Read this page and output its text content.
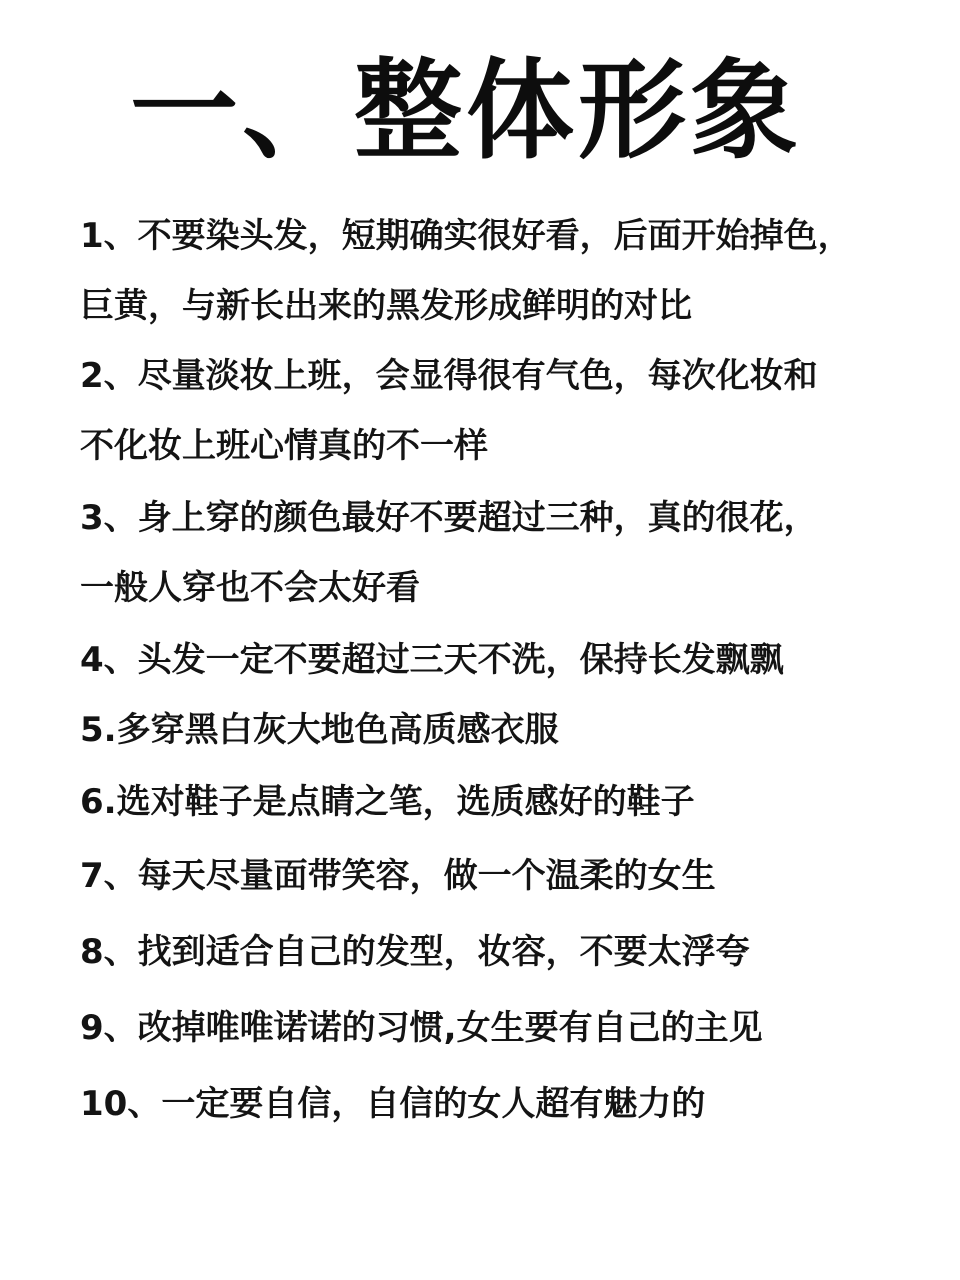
一、整体形象
1、不要染头发，短期确实很好看，后面开始掉色，
巨黄，与新长出来的黑发形成鲜明的对比
2、尽量淡妆上班，会显得很有气色，每次化妆和
不化妆上班心情真的不一样
3、身上穿的颜色最好不要超过三种，真的很花，
一般人穿也不会太好看
4、头发一定不要超过三天不洗，保持长发飘飘
5.多穿黑白灰大地色高质感衣服
6.选对鞋子是点睛之笔，选质感好的鞋子
7、每天尽量面带笑容，做一个温柔的女生
8、找到适合自己的发型，妆容，不要太浮夸
9、改掉唯唯诺诺的习惯,女生要有自己的主见
10、一定要自信，自信的女人超有魅力的
